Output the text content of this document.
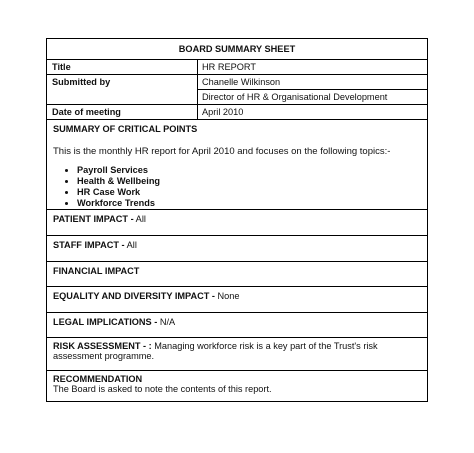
BOARD SUMMARY SHEET
Title	HR REPORT
Submitted by	Chanelle Wilkinson
Director of HR & Organisational Development
Date of meeting	April 2010
SUMMARY OF CRITICAL POINTS
This is the monthly HR report for April 2010 and focuses on the following topics:-
• Payroll Services
• Health & Wellbeing
• HR Case Work
• Workforce Trends
PATIENT IMPACT - All
STAFF IMPACT - All
FINANCIAL IMPACT
EQUALITY AND DIVERSITY IMPACT - None
LEGAL IMPLICATIONS - N/A
RISK ASSESSMENT - : Managing workforce risk is a key part of the Trust's risk assessment programme.
RECOMMENDATION
The Board is asked to note the contents of this report.
